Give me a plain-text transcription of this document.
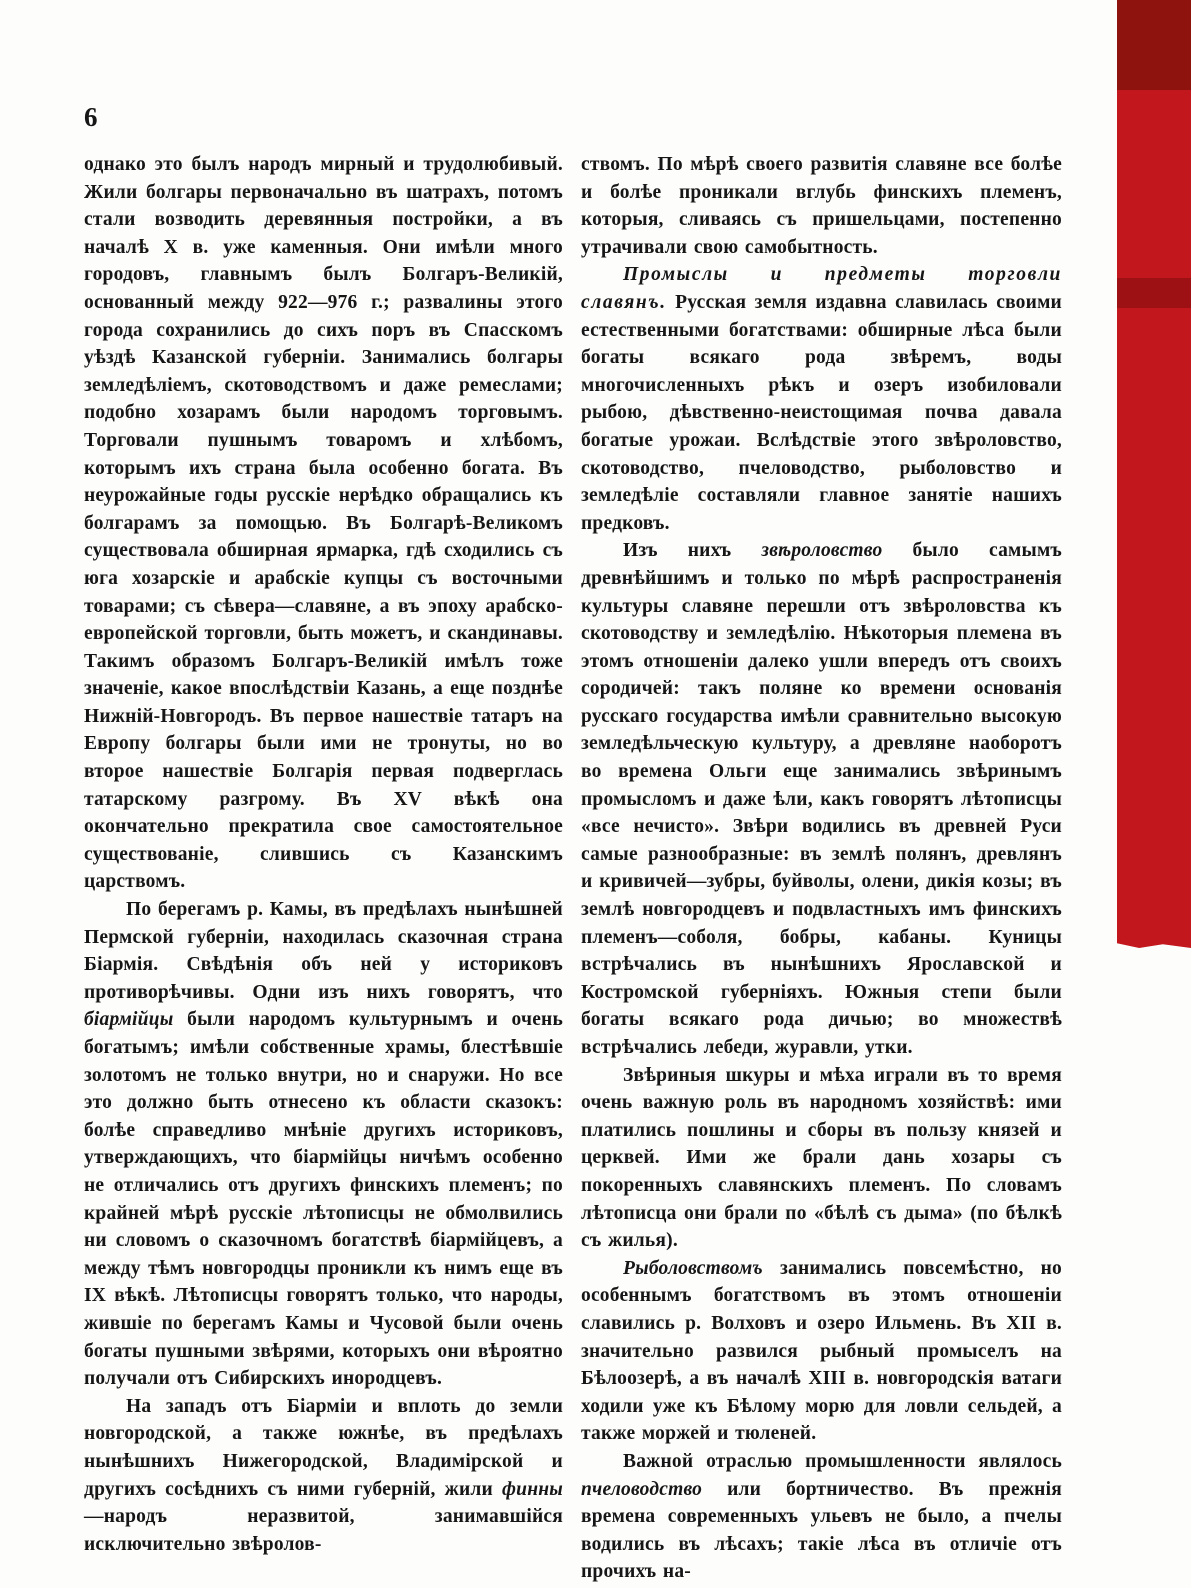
6

однако это былъ народъ мирный и трудолюбивый. Жили болгары первоначально въ шатрахъ, потомъ стали возводить деревянныя постройки, а въ началѣ X в. уже каменныя. Они имѣли много городовъ, главнымъ былъ Болгаръ-Великій, основанный между 922—976 г.; развалины этого города сохранились до сихъ поръ въ Спасскомъ уѣздѣ Казанской губерніи. Занимались болгары земледѣліемъ, скотоводствомъ и даже ремеслами; подобно хозарамъ были народомъ торговымъ. Торговали пушнымъ товаромъ и хлѣбомъ, которымъ ихъ страна была особенно богата. Въ неурожайные годы русскіе нерѣдко обращались къ болгарамъ за помощью. Въ Болгарѣ-Великомъ существовала обширная ярмарка, гдѣ сходились съ юга хозарскіе и арабскіе купцы съ восточными товарами; съ сѣвера—славяне, а въ эпоху арабско-европейской торговли, быть можетъ, и скандинавы. Такимъ образомъ Болгаръ-Великій имѣлъ тоже значеніе, какое впослѣдствіи Казань, а еще позднѣе Нижній-Новгородъ. Въ первое нашествіе татаръ на Европу болгары были ими не тронуты, но во второе нашествіе Болгарія первая подверглась татарскому разгрому. Въ XV вѣкѣ она окончательно прекратила свое самостоятельное существованіе, слившись съ Казанскимъ царствомъ.

По берегамъ р. Камы, въ предѣлахъ нынѣшней Пермской губерніи, находилась сказочная страна Біармія. Свѣдѣнія объ ней у историковъ противорѣчивы. Одни изъ нихъ говорятъ, что біармійцы были народомъ культурнымъ и очень богатымъ; имѣли собственные храмы, блестѣвшіе золотомъ не только внутри, но и снаружи. Но все это должно быть отнесено къ области сказокъ: болѣе справедливо мнѣніе другихъ историковъ, утверждающихъ, что біармійцы ничѣмъ особенно не отличались отъ другихъ финскихъ племенъ; по крайней мѣрѣ русскіе лѣтописцы не обмолвились ни словомъ о сказочномъ богатствѣ біармійцевъ, а между тѣмъ новгородцы проникли къ нимъ еще въ IX вѣкѣ. Лѣтописцы говорятъ только, что народы, жившіе по берегамъ Камы и Чусовой были очень богаты пушными звѣрями, которыхъ они вѣроятно получали отъ Сибирскихъ инородцевъ.

На западъ отъ Біарміи и вплоть до земли новгородской, а также южнѣе, въ предѣлахъ нынѣшнихъ Нижегородской, Владимірской и другихъ сосѣднихъ съ ними губерній, жили финны—народъ неразвитой, занимавшійся исключительно звѣролов-

ствомъ. По мѣрѣ своего развитія славяне все болѣе и болѣе проникали вглубь финскихъ племенъ, которыя, сливаясь съ пришельцами, постепенно утрачивали свою самобытность.

Промыслы и предметы торговли славянъ. Русская земля издавна славилась своими естественными богатствами: обширные лѣса были богаты всякаго рода звѣремъ, воды многочисленныхъ рѣкъ и озеръ изобиловали рыбою, дѣвственно-неистощимая почва давала богатые урожаи. Вслѣдствіе этого звѣроловство, скотоводство, пчеловодство, рыболовство и земледѣліе составляли главное занятіе нашихъ предковъ.

Изъ нихъ звѣроловство было самымъ древнѣйшимъ и только по мѣрѣ распространенія культуры славяне перешли отъ звѣроловства къ скотоводству и земледѣлію. Нѣкоторыя племена въ этомъ отношеніи далеко ушли впередъ отъ своихъ сородичей: такъ поляне ко времени основанія русскаго государства имѣли сравнительно высокую земледѣльческую культуру, а древляне наоборотъ во времена Ольги еще занимались звѣринымъ промысломъ и даже ѣли, какъ говорятъ лѣтописцы «все нечисто». Звѣри водились въ древней Руси самые разнообразные: въ землѣ полянъ, древлянъ и кривичей—зубры, буйволы, олени, дикія козы; въ землѣ новгородцевъ и подвластныхъ имъ финскихъ племенъ—соболя, бобры, кабаны. Куницы встрѣчались въ нынѣшнихъ Ярославской и Костромской губерніяхъ. Южныя степи были богаты всякаго рода дичью; во множествѣ встрѣчались лебеди, журавли, утки.

Звѣриныя шкуры и мѣха играли въ то время очень важную роль въ народномъ хозяйствѣ: ими платились пошлины и сборы въ пользу князей и церквей. Ими же брали дань хозары съ покоренныхъ славянскихъ племенъ. По словамъ лѣтописца они брали по «бѣлѣ съ дыма» (по бѣлкѣ съ жилья).

Рыболовствомъ занимались повсемѣстно, но особеннымъ богатствомъ въ этомъ отношеніи славились р. Волховъ и озеро Ильмень. Въ XII в. значительно развился рыбный промыселъ на Бѣлоозерѣ, а въ началѣ XIII в. новгородскія ватаги ходили уже къ Бѣлому морю для ловли сельдей, а также моржей и тюленей.

Важной отраслью промышленности являлось пчеловодство или бортничество. Въ прежнія времена современныхъ ульевъ не было, а пчелы водились въ лѣсахъ; такіе лѣса въ отличіе отъ прочихъ на-
